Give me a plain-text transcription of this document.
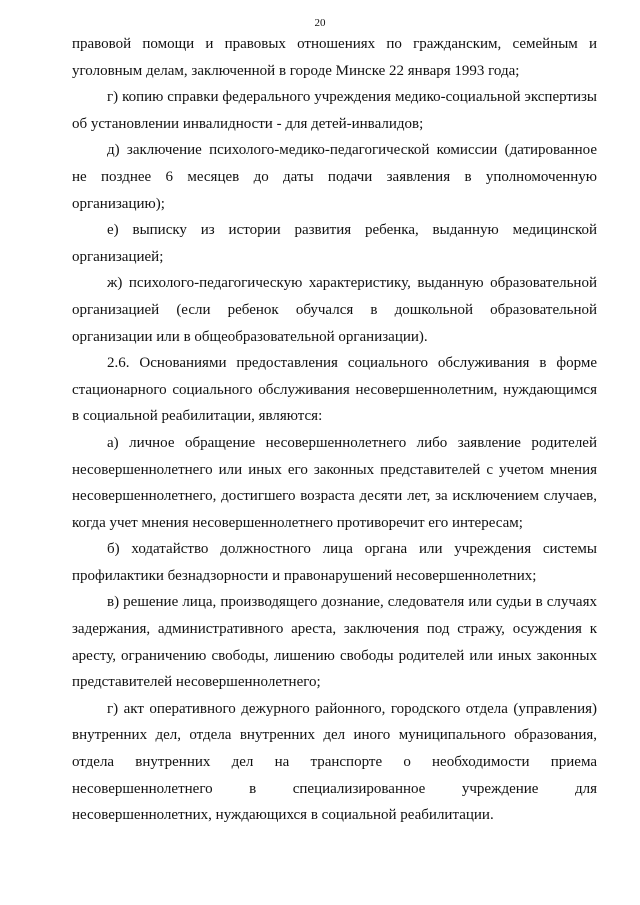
20

правовой помощи и правовых отношениях по гражданским, семейным и уголовным делам, заключенной в городе Минске 22 января 1993 года;

г) копию справки федерального учреждения медико-социальной экспертизы об установлении инвалидности - для детей-инвалидов;

д) заключение психолого-медико-педагогической комиссии (датированное не позднее 6 месяцев до даты подачи заявления в уполномоченную организацию);

е) выписку из истории развития ребенка, выданную медицинской организацией;

ж) психолого-педагогическую характеристику, выданную образовательной организацией (если ребенок обучался в дошкольной образовательной организации или в общеобразовательной организации).

2.6. Основаниями предоставления социального обслуживания в форме стационарного социального обслуживания несовершеннолетним, нуждающимся в социальной реабилитации, являются:

а) личное обращение несовершеннолетнего либо заявление родителей несовершеннолетнего или иных его законных представителей с учетом мнения несовершеннолетнего, достигшего возраста десяти лет, за исключением случаев, когда учет мнения несовершеннолетнего противоречит его интересам;

б) ходатайство должностного лица органа или учреждения системы профилактики безнадзорности и правонарушений несовершеннолетних;

в) решение лица, производящего дознание, следователя или судьи в случаях задержания, административного ареста, заключения под стражу, осуждения к аресту, ограничению свободы, лишению свободы родителей или иных законных представителей несовершеннолетнего;

г) акт оперативного дежурного районного, городского отдела (управления) внутренних дел, отдела внутренних дел иного муниципального образования, отдела внутренних дел на транспорте о необходимости приема несовершеннолетнего в специализированное учреждение для несовершеннолетних, нуждающихся в социальной реабилитации.
